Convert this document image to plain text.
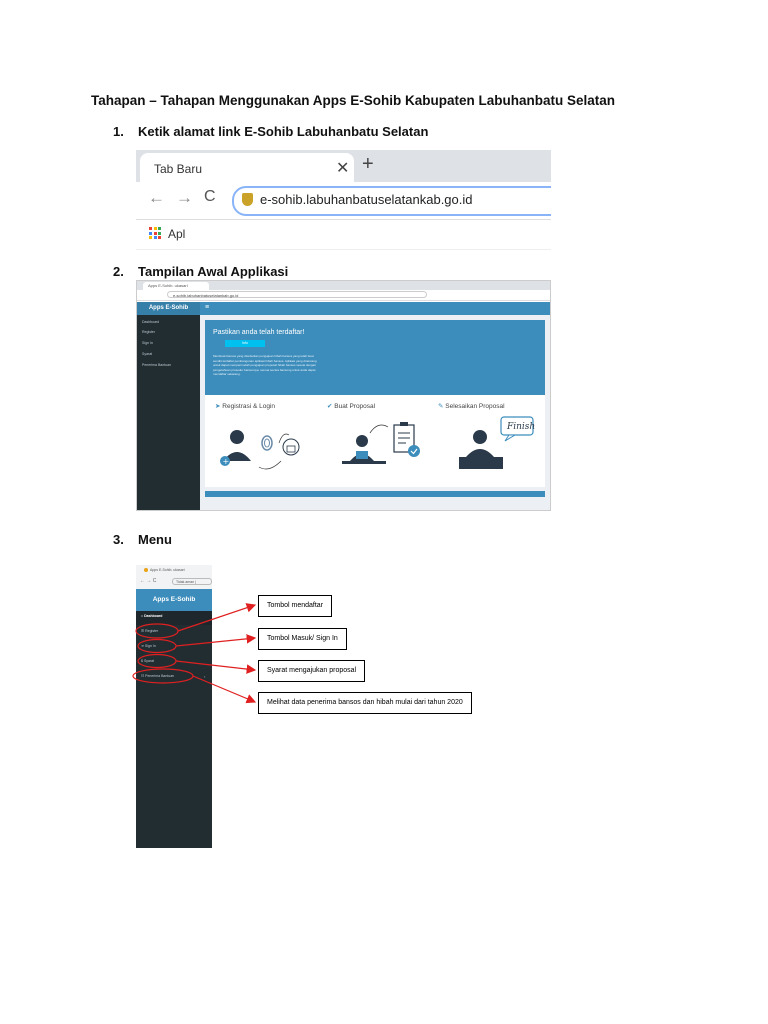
Tahapan – Tahapan Menggunakan Apps E-Sohib Kabupaten Labuhanbatu Selatan
1. Ketik alamat link E-Sohib Labuhanbatu Selatan
Tab Baru	✕ +
← → C	e-sohib.labuhanbatuselatankab.go.id
Apl
2. Tampilan Awal Applikasi
Apps E-Sohib. ukasari
e-sohib.labuhanbatuselatankab.go.id
Apps E-Sohib	≡
Dashboard
Register
Sign In
Syarat
Penerima Bantuan
Pastikan anda telah terdaftar!
Info
Membuat bansos yang disebutkan pengajuan hibah bansos yang telah buat sendiri terdaftar pembangunan aplikasi hibah bansos. Aplikasi yang dirancang untuk dapat mempermudah pengajuan proposal hibah bansos sesuai dengan pengetahuan prosedur bansosnya, semua secara bansong untuk anda dapat mendaftar sekarang.
➤ Registrasi & Login	✔ Buat Proposal	✎ Selesaikan Proposal
+
Finish
3. Menu
Apps E-Sohib. ukasari
← → C	Tidak aman |
Apps E-Sohib
⌂ Dashboard
☰ Register
➜ Sign In
$ Syarat
☷ Penerima Bantuan	‹
Tombol mendaftar
Tombol Masuk/ Sign In
Syarat mengajukan proposal
Melihat data penerima bansos dan hibah mulai dari tahun 2020
